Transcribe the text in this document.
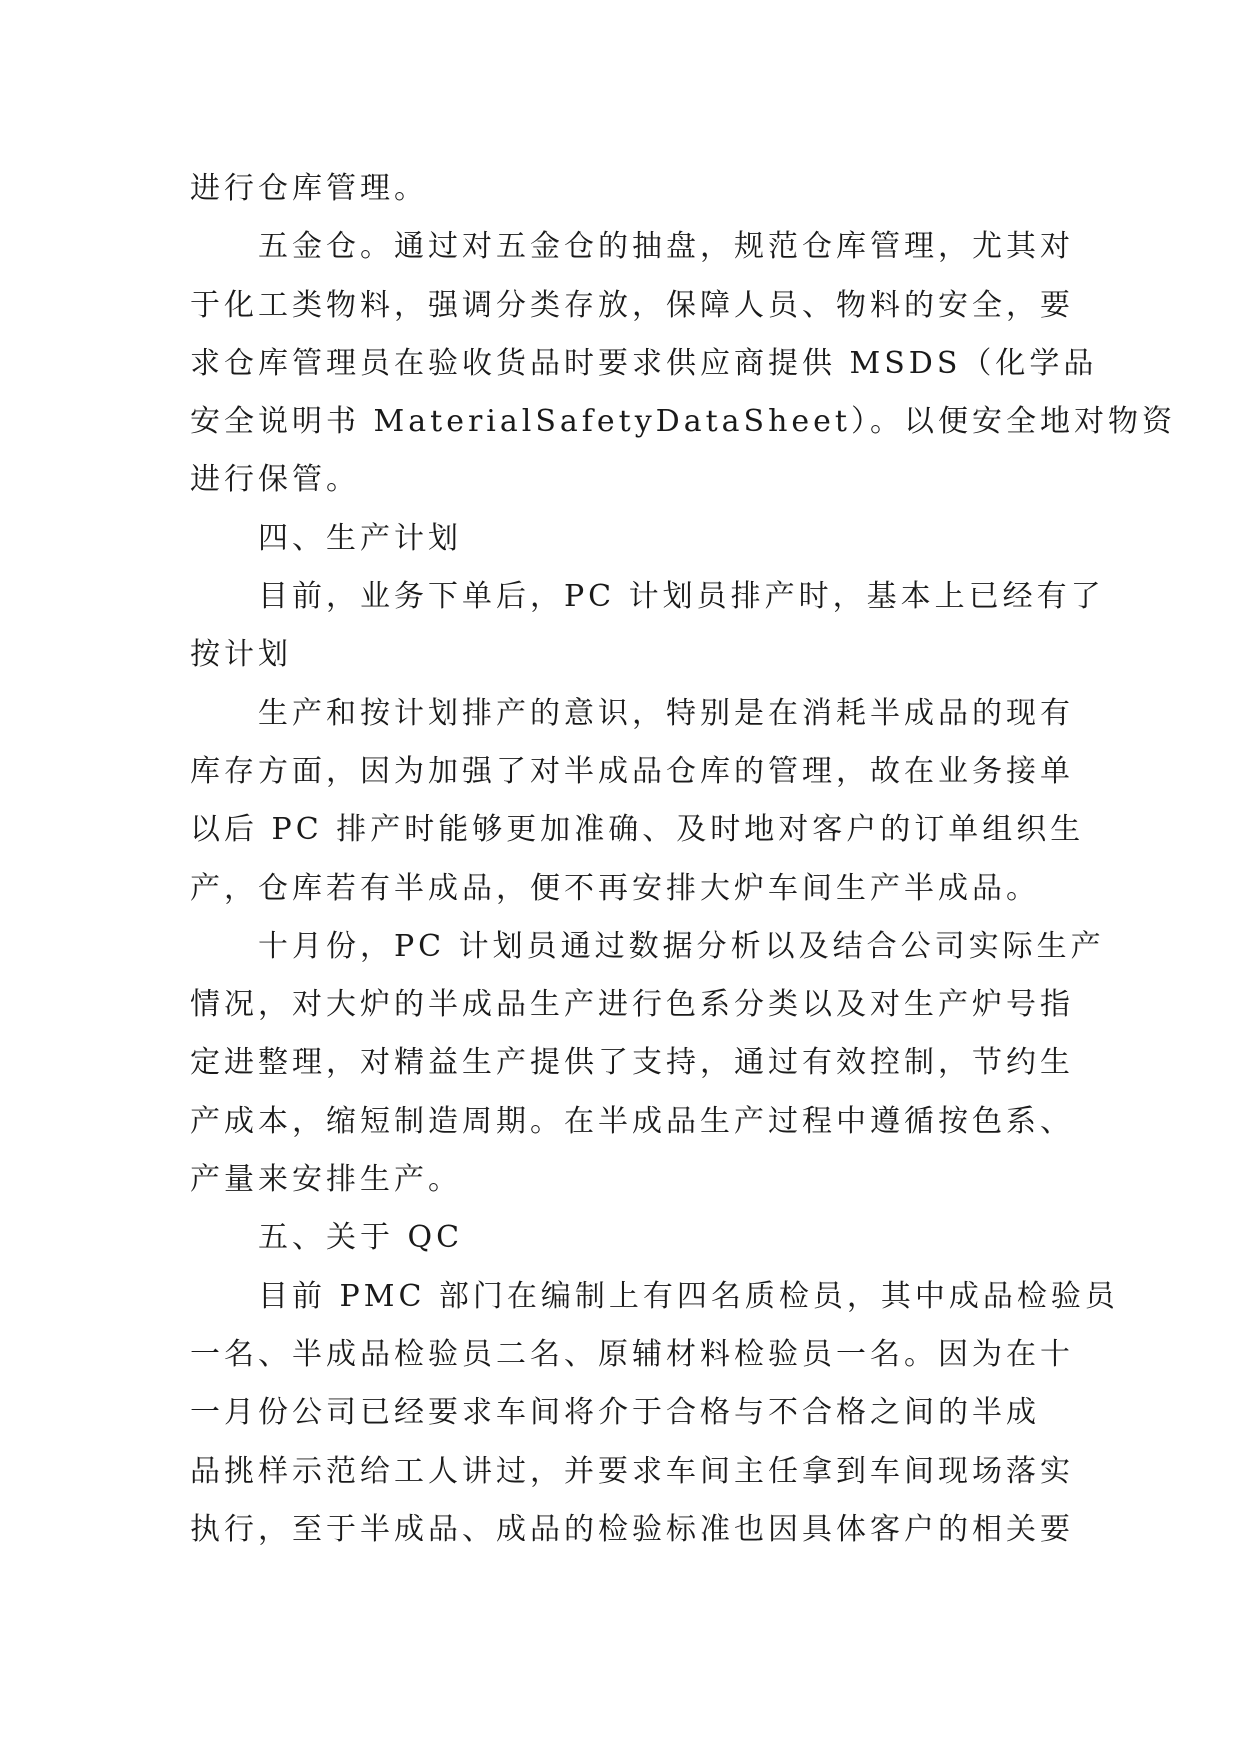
进行仓库管理。
五金仓。通过对五金仓的抽盘，规范仓库管理，尤其对
于化工类物料，强调分类存放，保障人员、物料的安全，要
求仓库管理员在验收货品时要求供应商提供 MSDS（化学品
安全说明书 MaterialSafetyDataSheet）。以便安全地对物资
进行保管。
四、生产计划
目前，业务下单后，PC 计划员排产时，基本上已经有了
按计划
生产和按计划排产的意识，特别是在消耗半成品的现有
库存方面，因为加强了对半成品仓库的管理，故在业务接单
以后 PC 排产时能够更加准确、及时地对客户的订单组织生
产，仓库若有半成品，便不再安排大炉车间生产半成品。
十月份，PC 计划员通过数据分析以及结合公司实际生产
情况，对大炉的半成品生产进行色系分类以及对生产炉号指
定进整理，对精益生产提供了支持，通过有效控制，节约生
产成本，缩短制造周期。在半成品生产过程中遵循按色系、
产量来安排生产。
五、关于 QC
目前 PMC 部门在编制上有四名质检员，其中成品检验员
一名、半成品检验员二名、原辅材料检验员一名。因为在十
一月份公司已经要求车间将介于合格与不合格之间的半成
品挑样示范给工人讲过，并要求车间主任拿到车间现场落实
执行，至于半成品、成品的检验标准也因具体客户的相关要
